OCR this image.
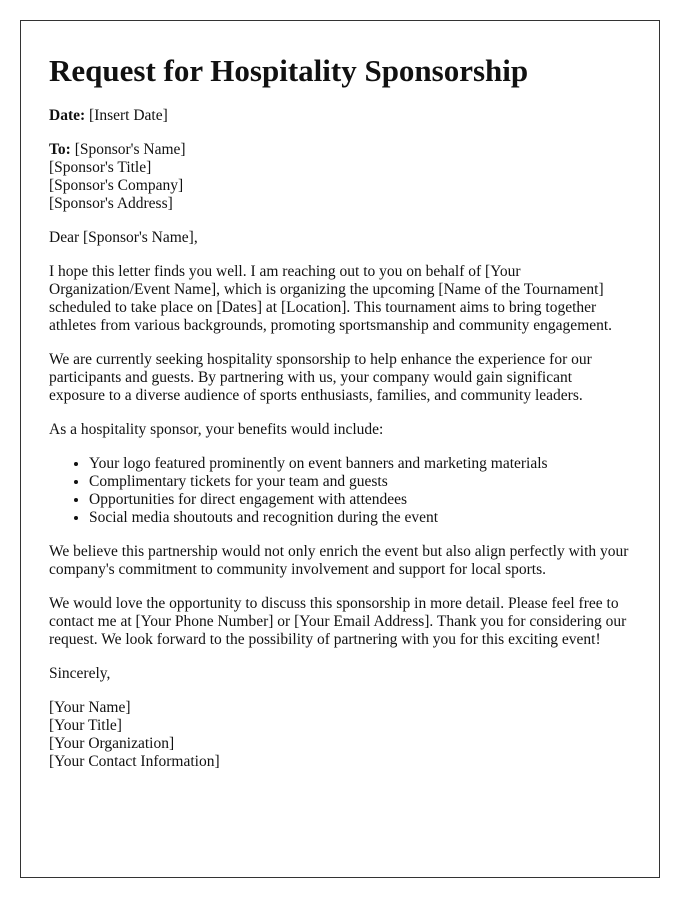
Request for Hospitality Sponsorship

Date: [Insert Date]

To: [Sponsor's Name]
[Sponsor's Title]
[Sponsor's Company]
[Sponsor's Address]

Dear [Sponsor's Name],

I hope this letter finds you well. I am reaching out to you on behalf of [Your Organization/Event Name], which is organizing the upcoming [Name of the Tournament] scheduled to take place on [Dates] at [Location]. This tournament aims to bring together athletes from various backgrounds, promoting sportsmanship and community engagement.

We are currently seeking hospitality sponsorship to help enhance the experience for our participants and guests. By partnering with us, your company would gain significant exposure to a diverse audience of sports enthusiasts, families, and community leaders.

As a hospitality sponsor, your benefits would include:

• Your logo featured prominently on event banners and marketing materials
• Complimentary tickets for your team and guests
• Opportunities for direct engagement with attendees
• Social media shoutouts and recognition during the event

We believe this partnership would not only enrich the event but also align perfectly with your company's commitment to community involvement and support for local sports.

We would love the opportunity to discuss this sponsorship in more detail. Please feel free to contact me at [Your Phone Number] or [Your Email Address]. Thank you for considering our request. We look forward to the possibility of partnering with you for this exciting event!

Sincerely,

[Your Name]
[Your Title]
[Your Organization]
[Your Contact Information]
